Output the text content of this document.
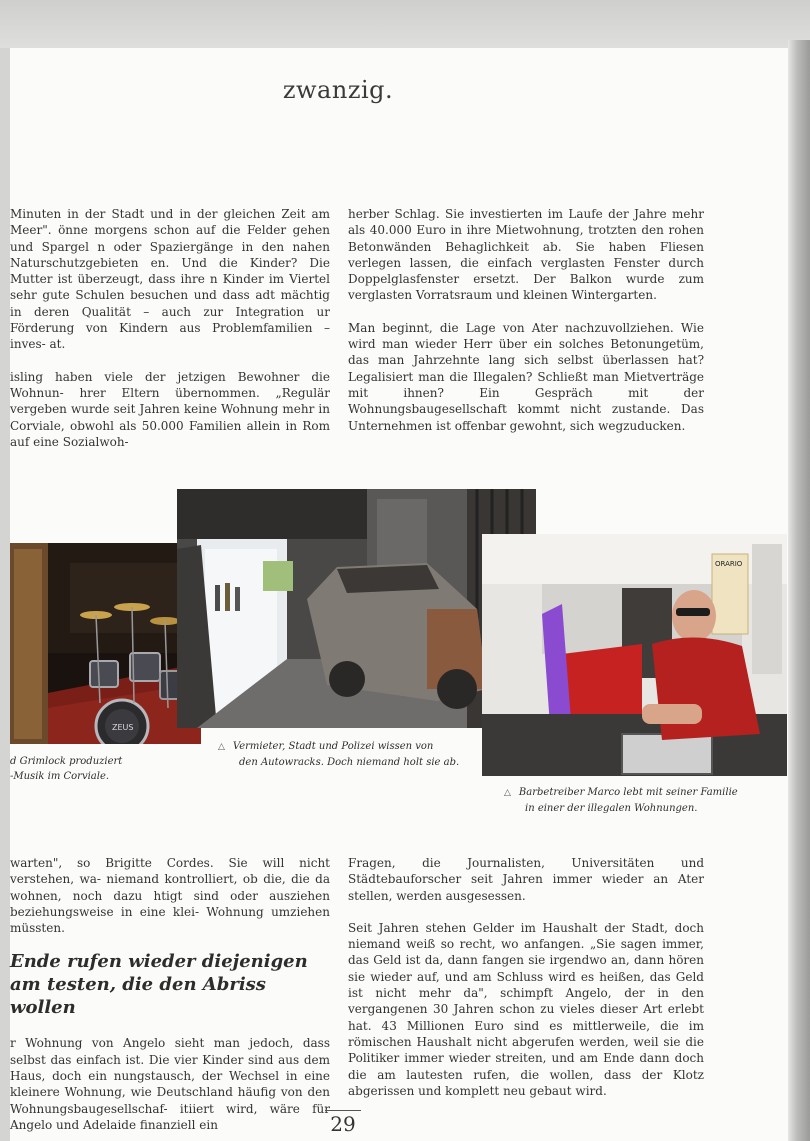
zwanzig.

Minuten in der Stadt und in der gleichen Zeit am Meer". önne morgens schon auf die Felder gehen und Spargel n oder Spaziergänge in den nahen Naturschutzgebieten en. Und die Kinder? Die Mutter ist überzeugt, dass ihre n Kinder im Viertel sehr gute Schulen besuchen und dass adt mächtig in deren Qualität – auch zur Integration ur Förderung von Kindern aus Problemfamilien – inves- at.

isling haben viele der jetzigen Bewohner die Wohnun- hrer Eltern übernommen. „Regulär vergeben wurde seit Jahren keine Wohnung mehr in Corviale, obwohl als 50.000 Familien allein in Rom auf eine Sozialwoh-

herber Schlag. Sie investierten im Laufe der Jahre mehr als 40.000 Euro in ihre Mietwohnung, trotzten den rohen Betonwänden Behaglichkeit ab. Sie haben Fliesen verlegen lassen, die einfach verglasten Fenster durch Doppelglasfenster ersetzt. Der Balkon wurde zum verglasten Vorratsraum und kleinen Wintergarten.

Man beginnt, die Lage von Ater nachzuvollziehen. Wie wird man wieder Herr über ein solches Betonungetüm, das man Jahrzehnte lang sich selbst überlassen hat? Legalisiert man die Illegalen? Schließt man Mietverträge mit ihnen? Ein Gespräch mit der Wohnungsbaugesellschaft kommt nicht zustande. Das Unternehmen ist offenbar gewohnt, sich wegzuducken.

ZEUS
ORARIO
d Grimlock produziert
-Musik im Corviale.
△ Vermieter, Stadt und Polizei wissen von
den Autowracks. Doch niemand holt sie ab.
△ Barbetreiber Marco lebt mit seiner Familie
in einer der illegalen Wohnungen.

warten", so Brigitte Cordes. Sie will nicht verstehen, wa- niemand kontrolliert, ob die, die da wohnen, noch dazu htigt sind oder ausziehen beziehungsweise in eine klei- Wohnung umziehen müssten.

Ende rufen wieder diejenigen am testen, die den Abriss wollen

r Wohnung von Angelo sieht man jedoch, dass selbst das einfach ist. Die vier Kinder sind aus dem Haus, doch ein nungstausch, der Wechsel in eine kleinere Wohnung, wie Deutschland häufig von den Wohnungsbaugesellschaf- itiiert wird, wäre für Angelo und Adelaide finanziell ein

Fragen, die Journalisten, Universitäten und Städtebauforscher seit Jahren immer wieder an Ater stellen, werden ausgesessen.

Seit Jahren stehen Gelder im Haushalt der Stadt, doch niemand weiß so recht, wo anfangen. „Sie sagen immer, das Geld ist da, dann fangen sie irgendwo an, dann hören sie wieder auf, und am Schluss wird es heißen, das Geld ist nicht mehr da", schimpft Angelo, der in den vergangenen 30 Jahren schon zu vieles dieser Art erlebt hat. 43 Millionen Euro sind es mittlerweile, die im römischen Haushalt nicht abgerufen werden, weil sie die Politiker immer wieder streiten, und am Ende dann doch die am lautesten rufen, die wollen, dass der Klotz abgerissen und komplett neu gebaut wird.

29
